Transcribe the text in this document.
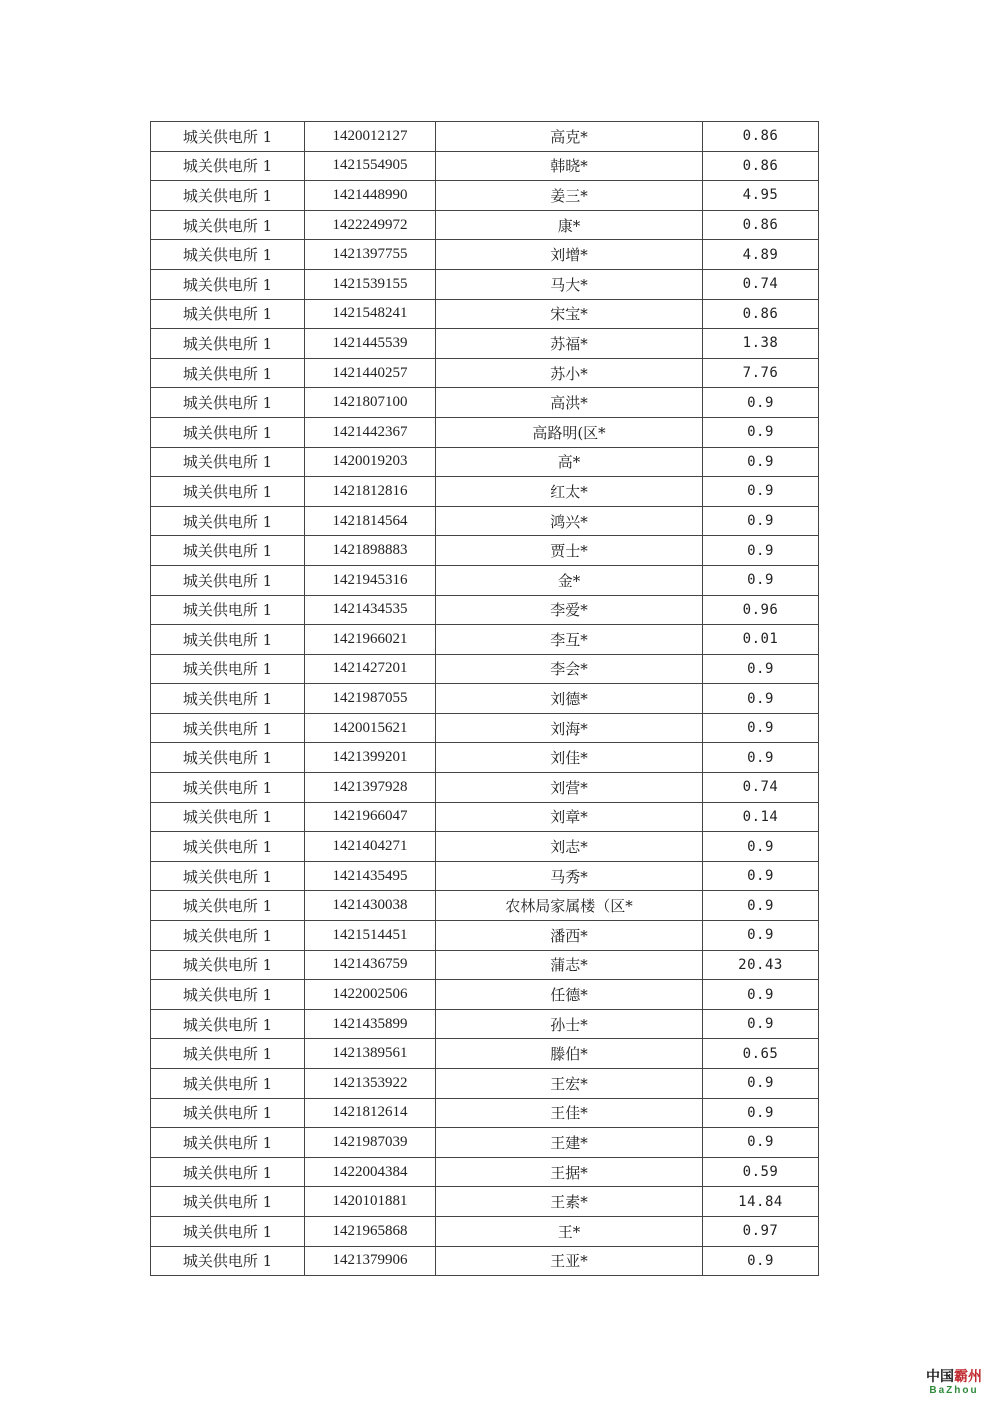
城关供电所 1	1420012127	高克*	0.86
城关供电所 1	1421554905	韩晓*	0.86
城关供电所 1	1421448990	姜三*	4.95
城关供电所 1	1422249972	康*	0.86
城关供电所 1	1421397755	刘增*	4.89
城关供电所 1	1421539155	马大*	0.74
城关供电所 1	1421548241	宋宝*	0.86
城关供电所 1	1421445539	苏福*	1.38
城关供电所 1	1421440257	苏小*	7.76
城关供电所 1	1421807100	高洪*	0.9
城关供电所 1	1421442367	高路明(区*	0.9
城关供电所 1	1420019203	高*	0.9
城关供电所 1	1421812816	红太*	0.9
城关供电所 1	1421814564	鸿兴*	0.9
城关供电所 1	1421898883	贾士*	0.9
城关供电所 1	1421945316	金*	0.9
城关供电所 1	1421434535	李爱*	0.96
城关供电所 1	1421966021	李互*	0.01
城关供电所 1	1421427201	李会*	0.9
城关供电所 1	1421987055	刘德*	0.9
城关供电所 1	1420015621	刘海*	0.9
城关供电所 1	1421399201	刘佳*	0.9
城关供电所 1	1421397928	刘营*	0.74
城关供电所 1	1421966047	刘章*	0.14
城关供电所 1	1421404271	刘志*	0.9
城关供电所 1	1421435495	马秀*	0.9
城关供电所 1	1421430038	农林局家属楼（区*	0.9
城关供电所 1	1421514451	潘西*	0.9
城关供电所 1	1421436759	蒲志*	20.43
城关供电所 1	1422002506	任德*	0.9
城关供电所 1	1421435899	孙士*	0.9
城关供电所 1	1421389561	滕伯*	0.65
城关供电所 1	1421353922	王宏*	0.9
城关供电所 1	1421812614	王佳*	0.9
城关供电所 1	1421987039	王建*	0.9
城关供电所 1	1422004384	王据*	0.59
城关供电所 1	1420101881	王素*	14.84
城关供电所 1	1421965868	王*	0.97
城关供电所 1	1421379906	王亚*	0.9
中国霸州
BaZhou
